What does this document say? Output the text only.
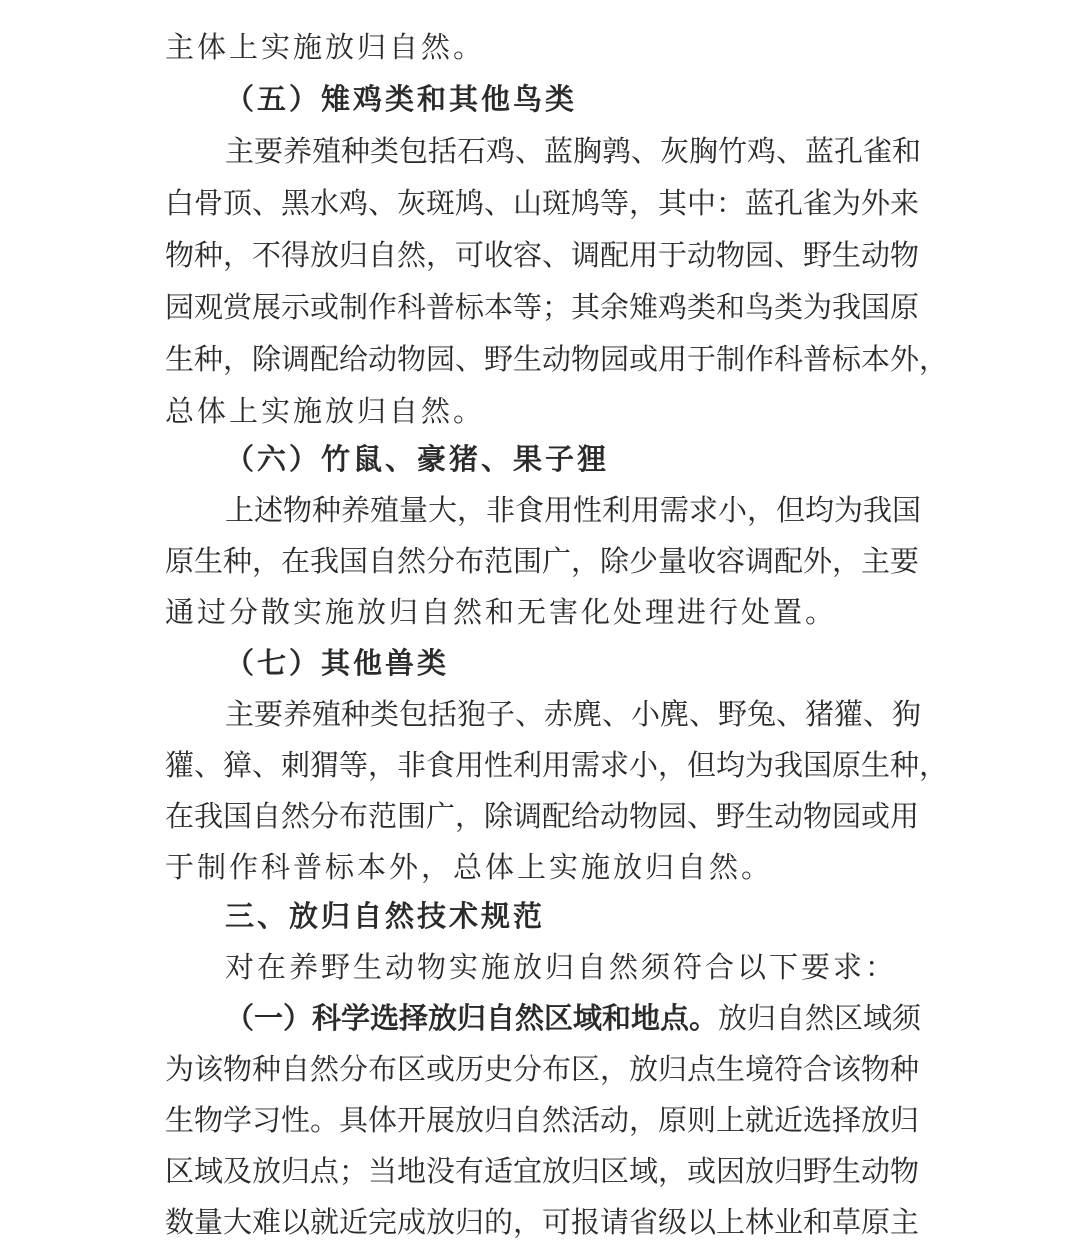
主体上实施放归自然。
（五）雉鸡类和其他鸟类
主要养殖种类包括石鸡、蓝胸鹑、灰胸竹鸡、蓝孔雀和
白骨顶、黑水鸡、灰斑鸠、山斑鸠等，其中：蓝孔雀为外来
物种，不得放归自然，可收容、调配用于动物园、野生动物
园观赏展示或制作科普标本等；其余雉鸡类和鸟类为我国原
生种，除调配给动物园、野生动物园或用于制作科普标本外，
总体上实施放归自然。
（六）竹鼠、豪猪、果子狸
上述物种养殖量大，非食用性利用需求小，但均为我国
原生种，在我国自然分布范围广，除少量收容调配外，主要
通过分散实施放归自然和无害化处理进行处置。
（七）其他兽类
主要养殖种类包括狍子、赤麂、小麂、野兔、猪獾、狗
獾、獐、刺猬等，非食用性利用需求小，但均为我国原生种，
在我国自然分布范围广，除调配给动物园、野生动物园或用
于制作科普标本外，总体上实施放归自然。
三、放归自然技术规范
对在养野生动物实施放归自然须符合以下要求：
（一）科学选择放归自然区域和地点。放归自然区域须
为该物种自然分布区或历史分布区，放归点生境符合该物种
生物学习性。具体开展放归自然活动，原则上就近选择放归
区域及放归点；当地没有适宜放归区域，或因放归野生动物
数量大难以就近完成放归的，可报请省级以上林业和草原主
